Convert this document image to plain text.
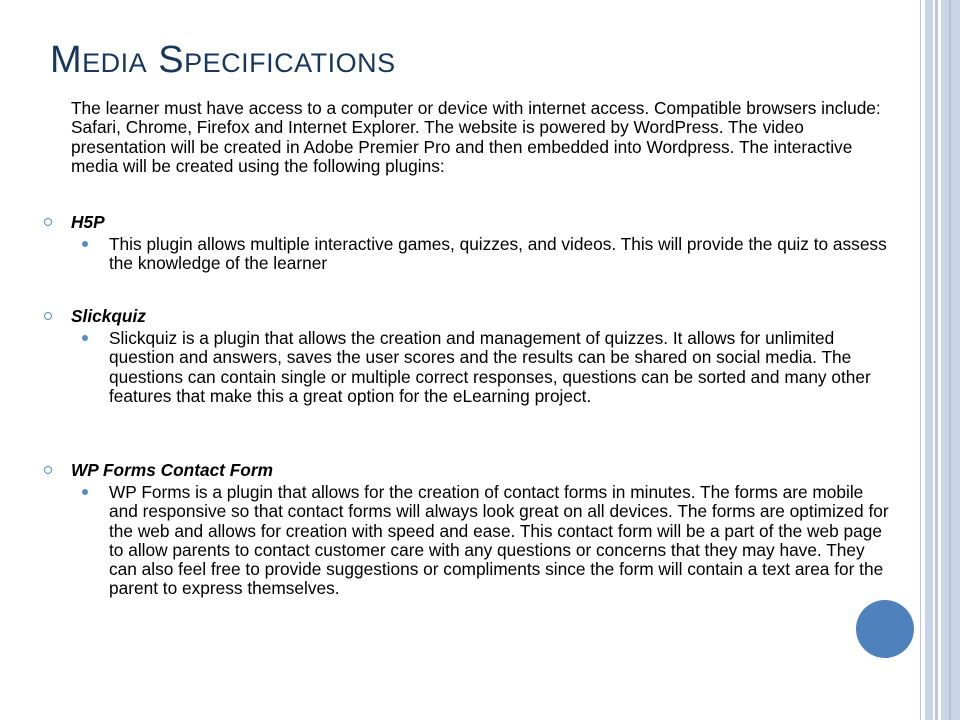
Media Specifications
The learner must have access to a computer or device with internet access. Compatible browsers include: Safari, Chrome, Firefox and Internet Explorer. The website is powered by WordPress. The video presentation will be created in Adobe Premier Pro and then embedded into Wordpress. The interactive media will be created using the following plugins:
H5P
This plugin allows multiple interactive games, quizzes, and videos. This will provide the quiz to assess the knowledge of the learner
Slickquiz
Slickquiz is a plugin that allows the creation and management of quizzes. It allows for unlimited question and answers, saves the user scores and the results can be shared on social media. The questions can contain single or multiple correct responses, questions can be sorted and many other features that make this a great option for the eLearning project.
WP Forms Contact Form
WP Forms is a plugin that allows for the creation of contact forms in minutes. The forms are mobile and responsive so that contact forms will always look great on all devices. The forms are optimized for the web and allows for creation with speed and ease. This contact form will be a part of the web page to allow parents to contact customer care with any questions or concerns that they may have. They can also feel free to provide suggestions or compliments since the form will contain a text area for the parent to express themselves.
